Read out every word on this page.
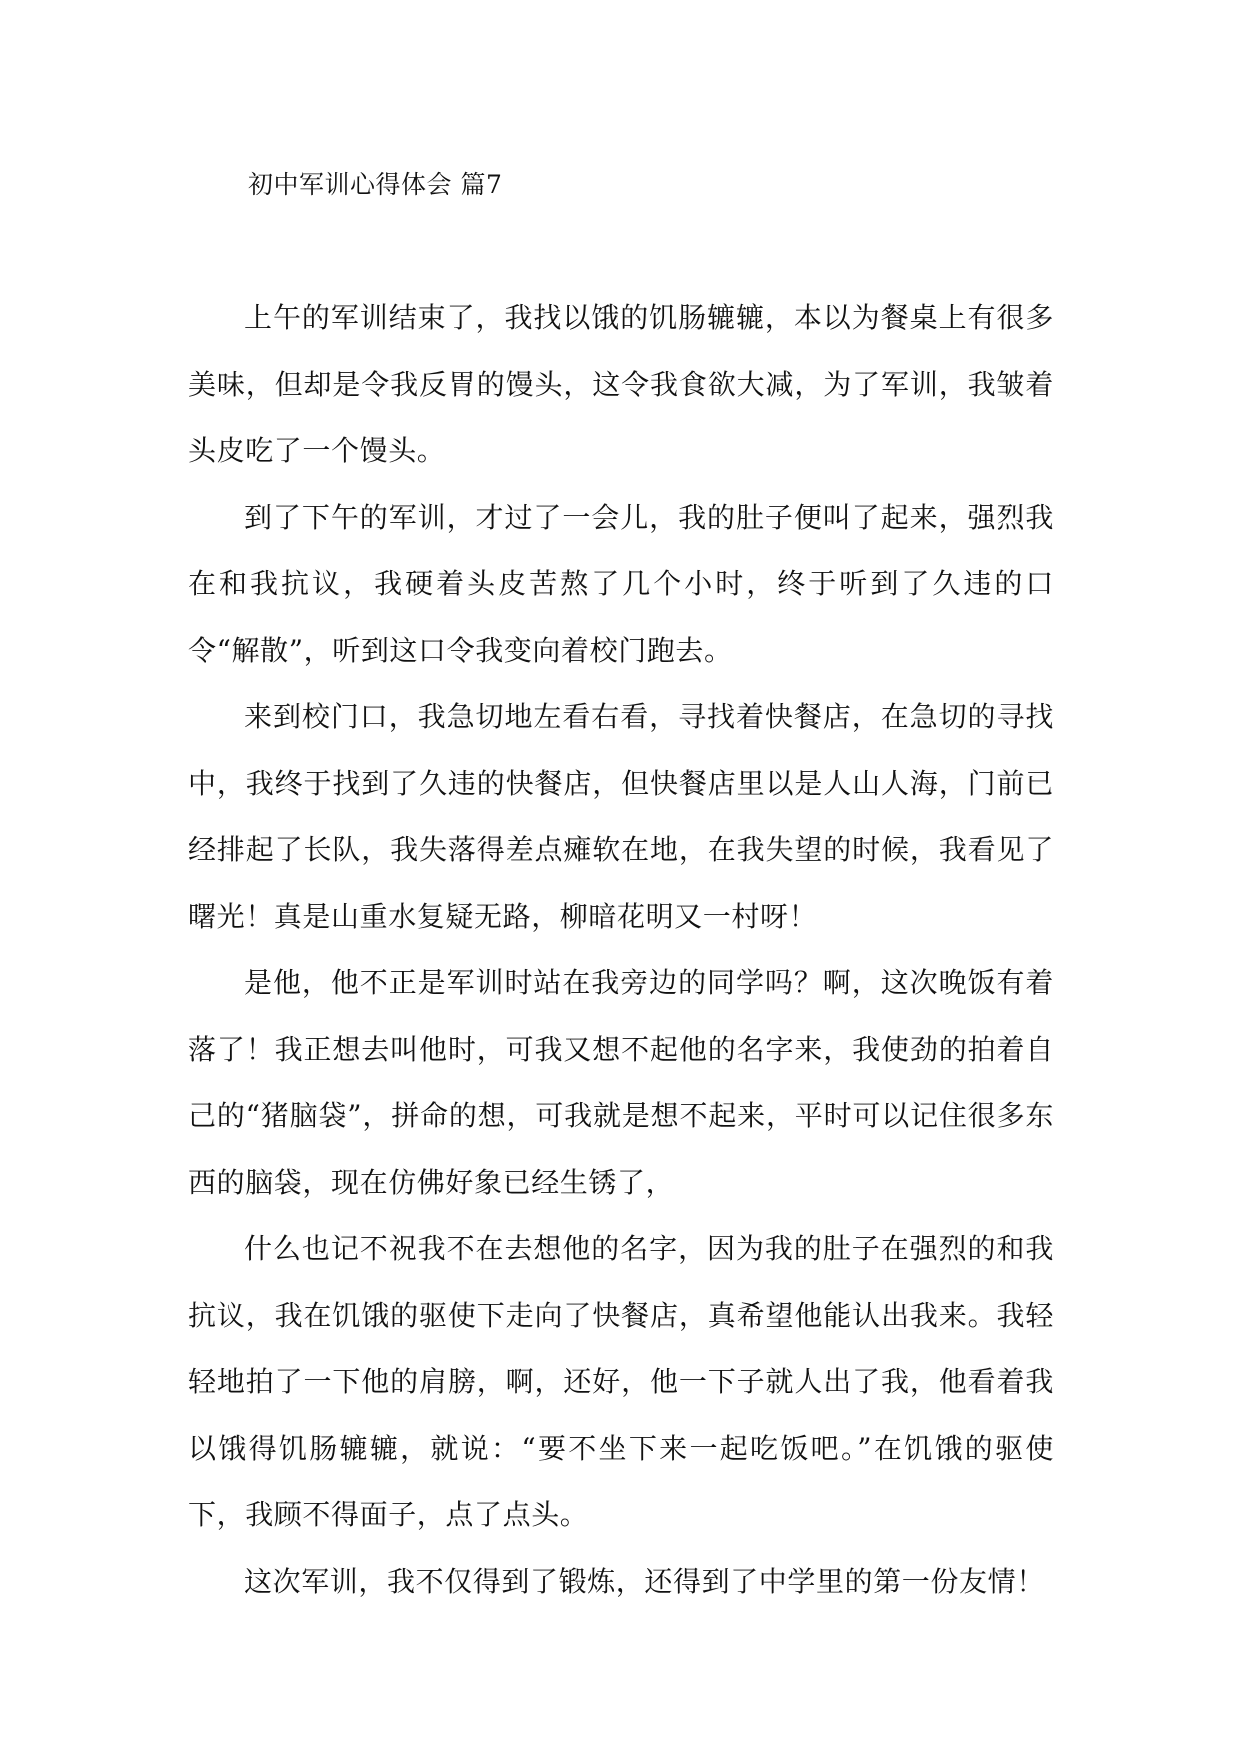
初中军训心得体会 篇7

上午的军训结束了，我找以饿的饥肠辘辘，本以为餐桌上有很多美味，但却是令我反胃的馒头，这令我食欲大减，为了军训，我皱着头皮吃了一个馒头。

到了下午的军训，才过了一会儿，我的肚子便叫了起来，强烈我在和我抗议，我硬着头皮苦熬了几个小时，终于听到了久违的口令“解散”，听到这口令我变向着校门跑去。

来到校门口，我急切地左看右看，寻找着快餐店，在急切的寻找中，我终于找到了久违的快餐店，但快餐店里以是人山人海，门前已经排起了长队，我失落得差点瘫软在地，在我失望的时候，我看见了曙光！真是山重水复疑无路，柳暗花明又一村呀！

是他，他不正是军训时站在我旁边的同学吗？啊，这次晚饭有着落了！我正想去叫他时，可我又想不起他的名字来，我使劲的拍着自己的“猪脑袋”，拼命的想，可我就是想不起来，平时可以记住很多东西的脑袋，现在仿佛好象已经生锈了，

什么也记不祝我不在去想他的名字，因为我的肚子在强烈的和我抗议，我在饥饿的驱使下走向了快餐店，真希望他能认出我来。我轻轻地拍了一下他的肩膀，啊，还好，他一下子就人出了我，他看着我以饿得饥肠辘辘，就说：“要不坐下来一起吃饭吧。”在饥饿的驱使下，我顾不得面子，点了点头。

这次军训，我不仅得到了锻炼，还得到了中学里的第一份友情！
